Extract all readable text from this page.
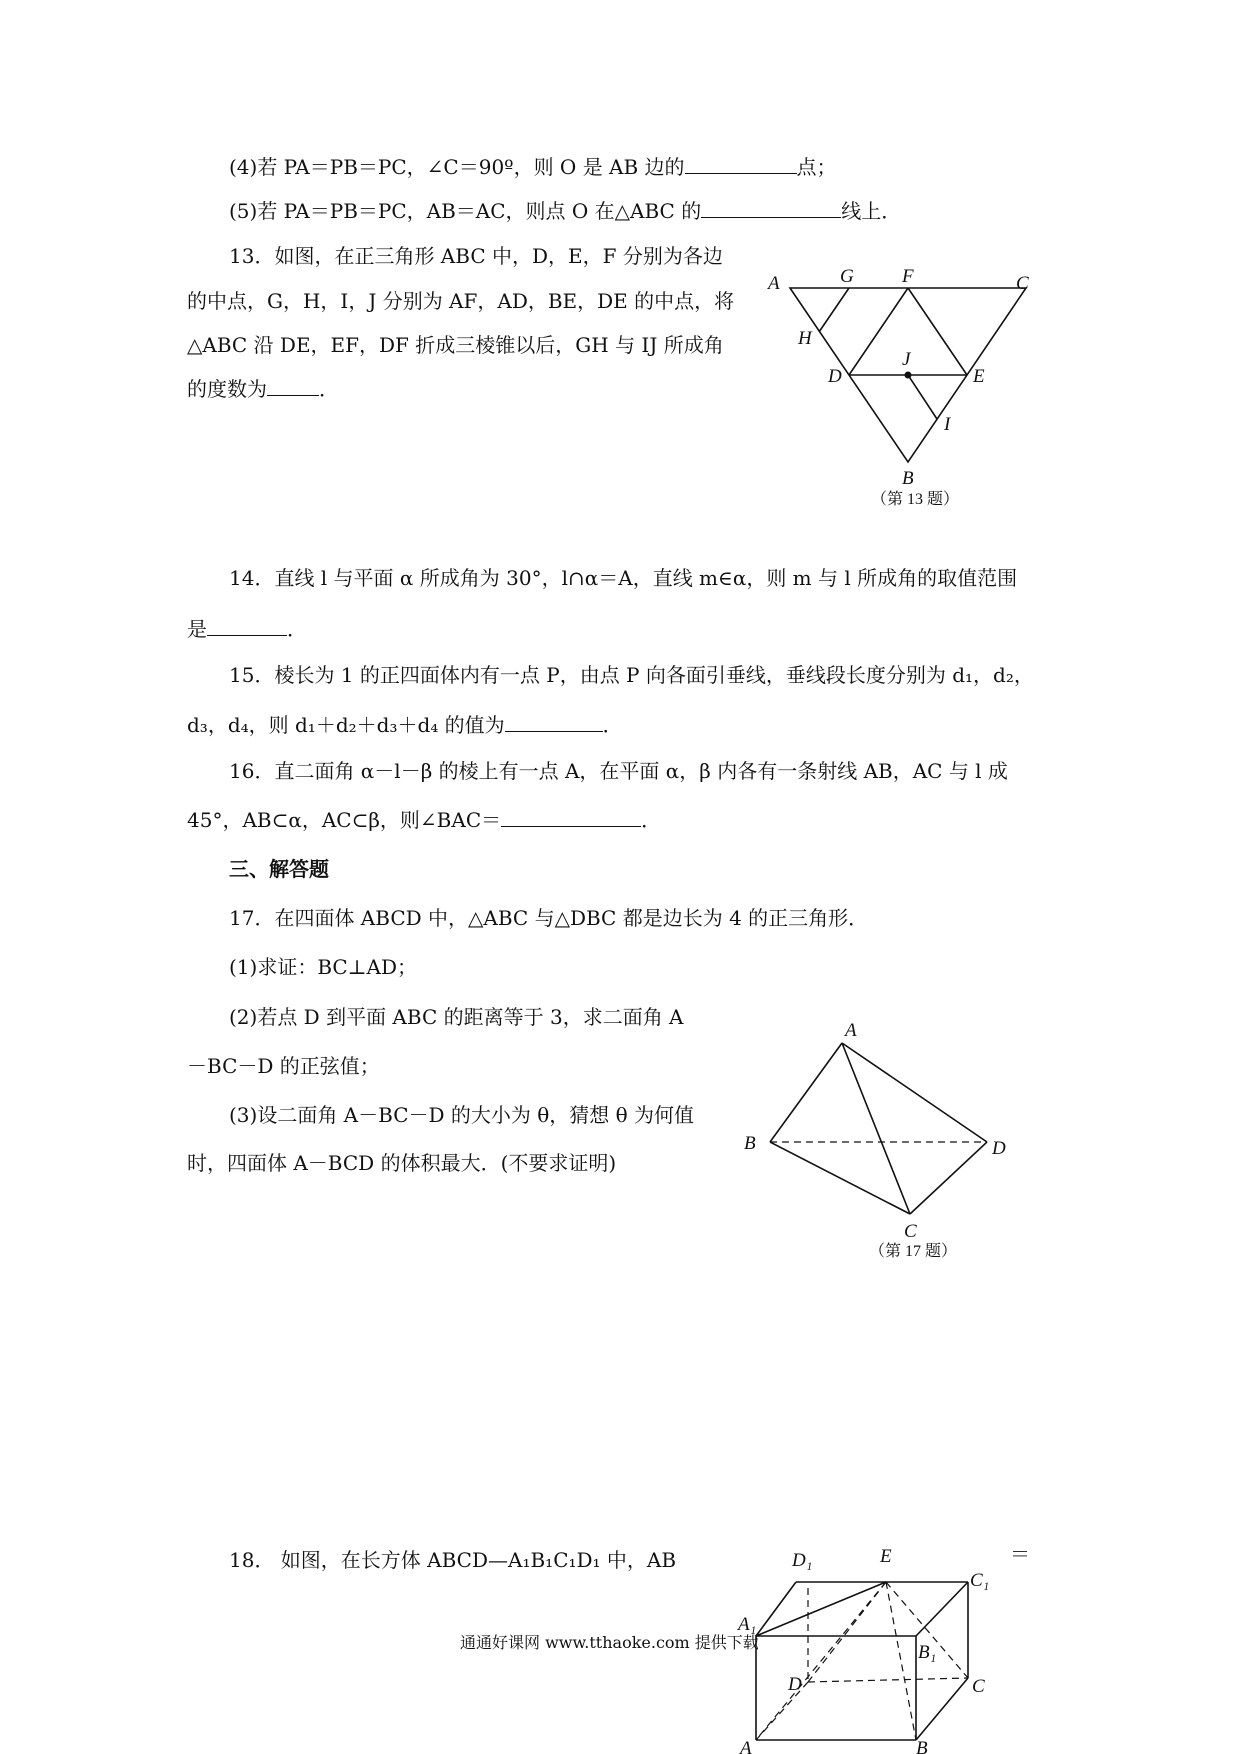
(4)若 PA＝PB＝PC，∠C＝90º，则 O 是 AB 边的	点；
(5)若 PA＝PB＝PC，AB＝AC，则点 O 在△ABC 的	线上．
13．如图，在正三角形 ABC 中，D，E，F 分别为各边
的中点，G，H，I，J 分别为 AF，AD，BE，DE 的中点，将
△ABC 沿 DE，EF，DF 折成三棱锥以后，GH 与 IJ 所成角
的度数为	．
A	G	F	C
H
J
D	E
I
B
（第 13 题）
14．直线 l 与平面 α 所成角为 30°，l∩α＝A，直线 m∈α，则 m 与 l 所成角的取值范围
是	．
15．棱长为 1 的正四面体内有一点 P，由点 P 向各面引垂线，垂线段长度分别为 d₁，d₂，
d₃，d₄，则 d₁＋d₂＋d₃＋d₄ 的值为	．
16．直二面角 α－l－β 的棱上有一点 A，在平面 α，β 内各有一条射线 AB，AC 与 l 成
45°，AB⊂α，AC⊂β，则∠BAC＝	．
三、解答题
17．在四面体 ABCD 中，△ABC 与△DBC 都是边长为 4 的正三角形．
(1)求证：BC⊥AD；
(2)若点 D 到平面 ABC 的距离等于 3，求二面角 A
－BC－D 的正弦值；
(3)设二面角 A－BC－D 的大小为 θ，猜想 θ 为何值
时，四面体 A－BCD 的体积最大．(不要求证明)
A
B	D
C
（第 17 题）
18． 如图，在长方体 ABCD—A₁B₁C₁D₁ 中，AB	＝
D₁	E
C₁
A₁
B₁
D	C
A	B
通通好课网 www.tthaoke.com 提供下载
